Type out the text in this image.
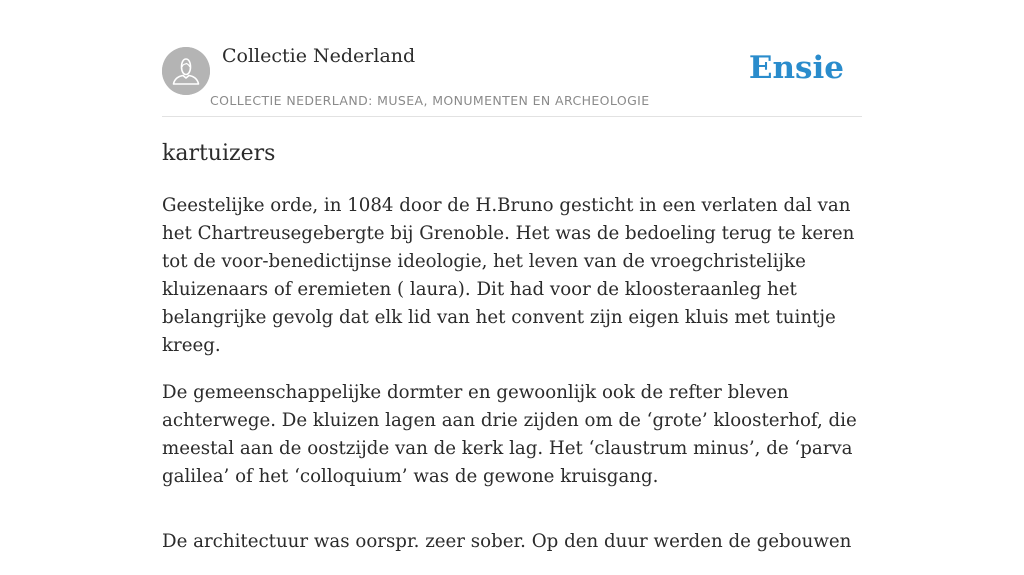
Collectie Nederland
COLLECTIE NEDERLAND: MUSEA, MONUMENTEN EN ARCHEOLOGIE
Ensie
kartuizers

Geestelijke orde, in 1084 door de H.Bruno gesticht in een verlaten dal van het Chartreusegebergte bij Grenoble. Het was de bedoeling terug te keren tot de voor-benedictijnse ideologie, het leven van de vroegchristelijke kluizenaars of eremieten ( laura). Dit had voor de kloosteraanleg het belangrijke gevolg dat elk lid van het convent zijn eigen kluis met tuintje kreeg.

De gemeenschappelijke dormter en gewoonlijk ook de refter bleven achterwege. De kluizen lagen aan drie zijden om de ‘grote’ kloosterhof, die meestal aan de oostzijde van de kerk lag. Het ‘claustrum minus’, de ‘parva galilea’ of het ‘colloquium’ was de gewone kruisgang.

De architectuur was oorspr. zeer sober. Op den duur werden de gebouwen
